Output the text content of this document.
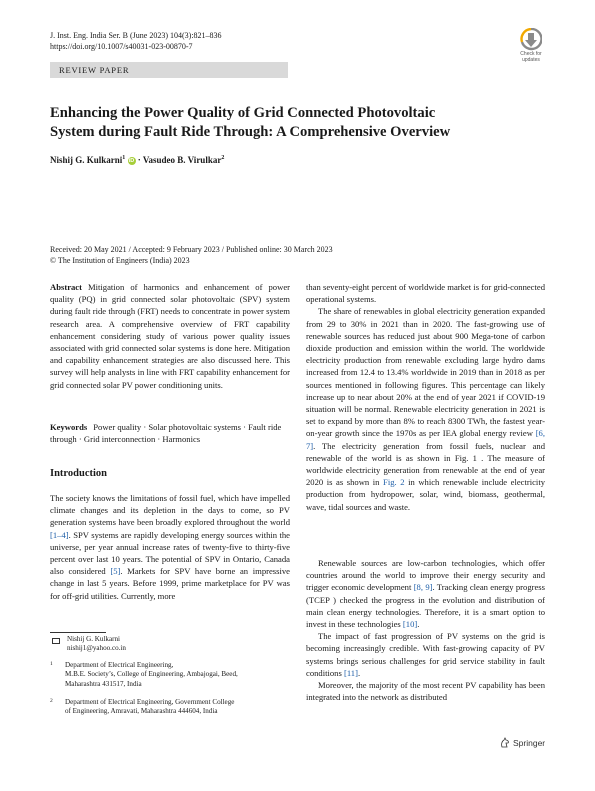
J. Inst. Eng. India Ser. B (June 2023) 104(3):821–836
https://doi.org/10.1007/s40031-023-00870-7
Check for
updates
REVIEW PAPER
Enhancing the Power Quality of Grid Connected Photovoltaic
System during Fault Ride Through: A Comprehensive Overview
Nishij G. Kulkarni$^1$ iD · Vasudeo B. Virulkar$^2$
Received: 20 May 2021 / Accepted: 9 February 2023 / Published online: 30 March 2023
© The Institution of Engineers (India) 2023

Abstract Mitigation of harmonics and enhancement of power quality (PQ) in grid connected solar photovoltaic (SPV) system during fault ride through (FRT) needs to concentrate in power system research area. A comprehensive overview of FRT capability enhancement considering study of various power quality issues associated with grid connected solar systems is done here. Mitigation and capability enhancement strategies are also discussed here. This survey will help analysts in line with FRT capability enhancement for grid connected solar PV power conditioning units.

Keywords Power quality · Solar photovoltaic systems · Fault ride through · Grid interconnection · Harmonics

Introduction

The society knows the limitations of fossil fuel, which have impelled climate changes and its depletion in the days to come, so PV generation systems have been broadly explored throughout the world [1–4]. SPV systems are rapidly developing energy sources within the universe, per year annual increase rates of twenty-five to thirty-five percent over last 10 years. The potential of SPV in Ontario, Canada also considered [5]. Markets for SPV have borne an impressive change in last 5 years. Before 1999, prime marketplace for PV was for off-grid utilities. Currently, more

Nishij G. Kulkarni
nishij1@yahoo.co.in
1 Department of Electrical Engineering,
M.B.E. Society’s, College of Engineering, Ambajogai, Beed,
Maharashtra 431517, India
2 Department of Electrical Engineering, Government College
of Engineering, Amravati, Maharashtra 444604, India

than seventy-eight percent of worldwide market is for grid-connected operational systems.

The share of renewables in global electricity generation expanded from 29 to 30% in 2021 than in 2020. The fast-growing use of renewable sources has reduced just about 900 Mega-tone of carbon dioxide production and emission within the world. The worldwide electricity production from renewable excluding large hydro dams increased from 12.4 to 13.4% worldwide in 2019 than in 2018 as per sources mentioned in following figures. This percentage can likely increase up to near about 20% at the end of year 2021 if COVID-19 situation will be normal. Renewable electricity generation in 2021 is set to expand by more than 8% to reach 8300 TWh, the fastest year-on-year growth since the 1970s as per IEA global energy review [6, 7]. The electricity generation from fossil fuels, nuclear and renewable of the world is as shown in Fig. 1 . The measure of worldwide electricity generation from renewable at the end of year 2020 is as shown in Fig. 2 in which renewable include electricity production from hydropower, solar, wind, biomass, geothermal, wave, tidal sources and waste.

Renewable sources are low-carbon technologies, which offer countries around the world to improve their energy security and trigger economic development [8, 9]. Tracking clean energy progress (TCEP ) checked the progress in the evolution and distribution of main clean energy technologies. Therefore, it is a smart option to invest in these technologies [10].

The impact of fast progression of PV systems on the grid is becoming increasingly credible. With fast-growing capacity of PV systems brings serious challenges for grid service stability in fault conditions [11].

Moreover, the majority of the most recent PV capability has been integrated into the network as distributed

Springer
